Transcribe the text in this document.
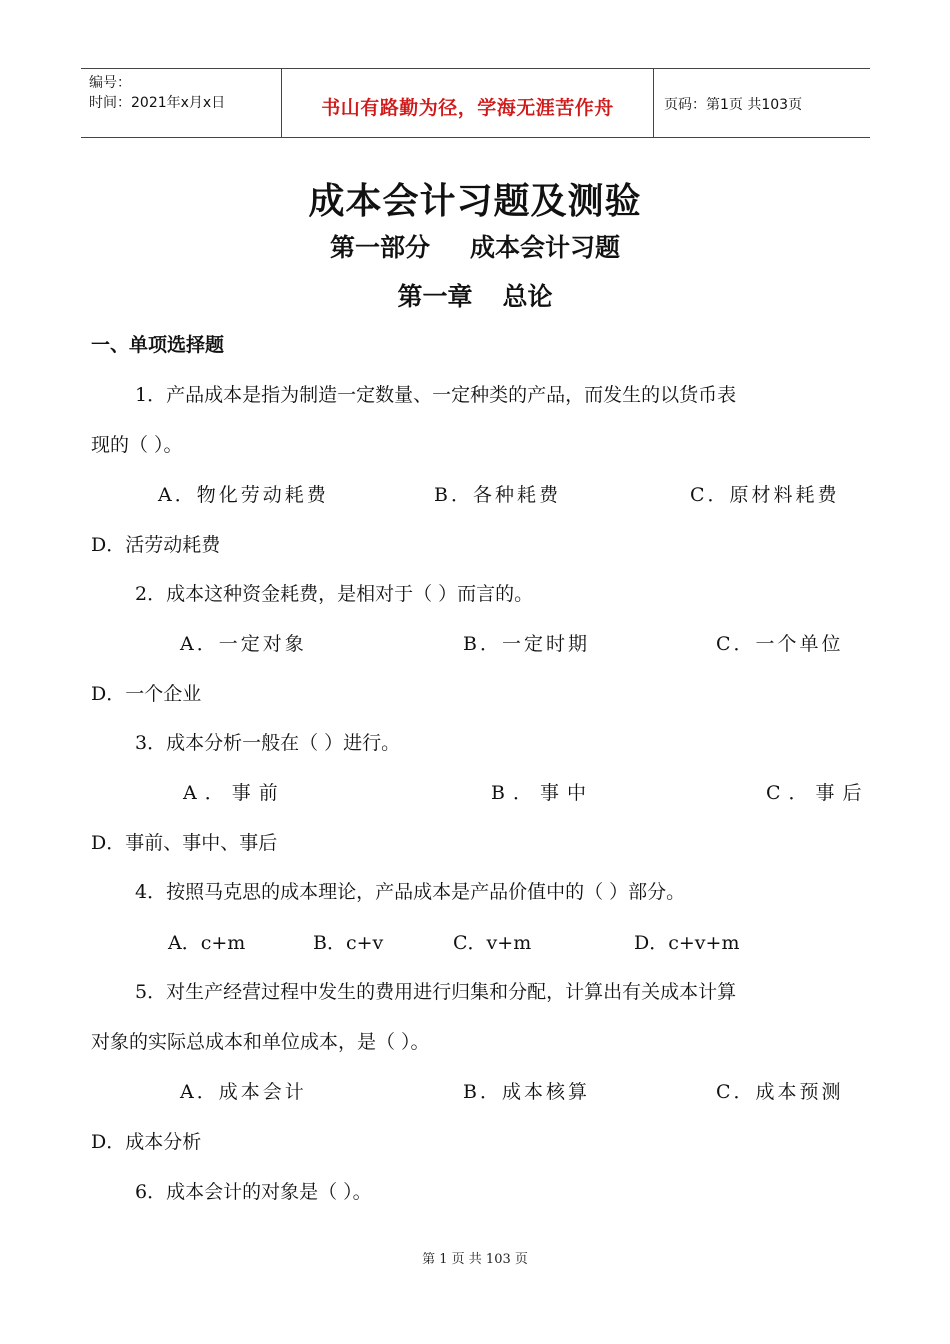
编号：
时间：2021年x月x日	书山有路勤为径，学海无涯苦作舟	页码：第1页 共103页
成本会计习题及测验
第一部分 成本会计习题
第一章 总论
一、单项选择题
1．产品成本是指为制造一定数量、一定种类的产品，而发生的以货币表
现的（ ）。
A．物化劳动耗费	B．各种耗费	C．原材料耗费
D．活劳动耗费
2．成本这种资金耗费，是相对于（ ）而言的。
A．一定对象	B．一定时期	C．一个单位
D．一个企业
3．成本分析一般在（ ）进行。
A．事前	B．事中	C．事后
D．事前、事中、事后
4．按照马克思的成本理论，产品成本是产品价值中的（ ）部分。
A．c+m	B．c+v	C．v+m	D．c+v+m
5．对生产经营过程中发生的费用进行归集和分配，计算出有关成本计算
对象的实际总成本和单位成本，是（ ）。
A．成本会计	B．成本核算	C．成本预测
D．成本分析
6．成本会计的对象是（ ）。
第 1 页 共 103 页
